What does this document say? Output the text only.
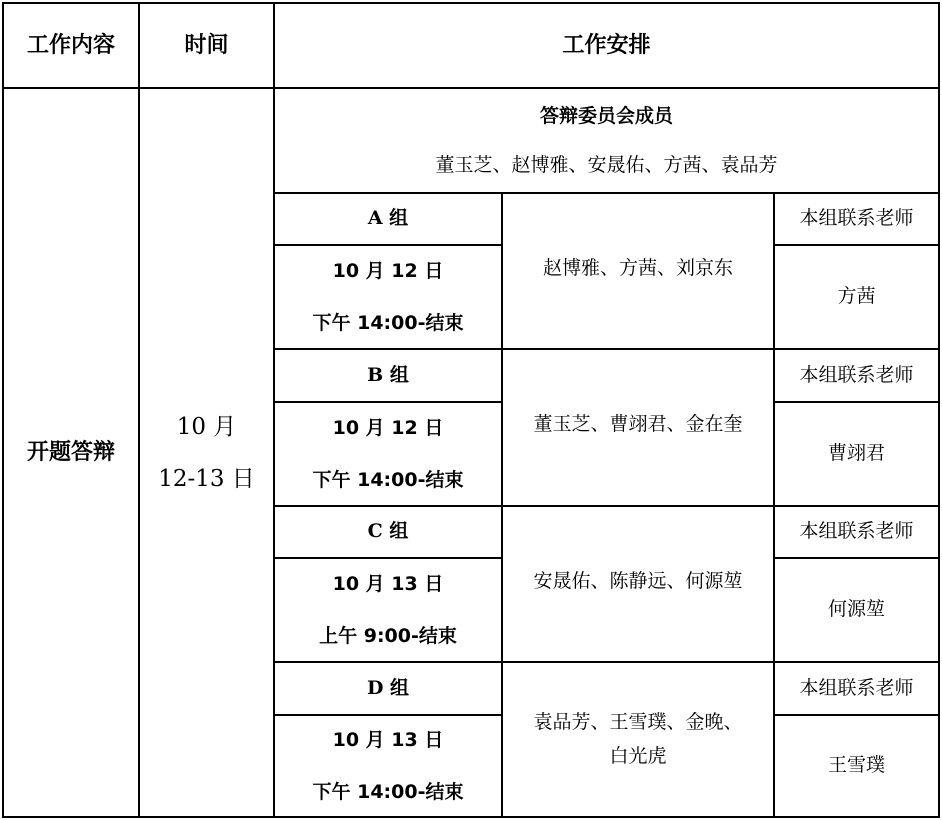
工作内容	时间	工作安排
开题答辩
10 月
12-13 日
答辩委员会成员
董玉芝、赵博雅、安晟佑、方茜、袁品芳
A 组
10 月 12 日
下午 14:00-结束
赵博雅、方茜、刘京东
本组联系老师
方茜
B 组
10 月 12 日
下午 14:00-结束
董玉芝、曹翊君、金在奎
本组联系老师
曹翊君
C 组
10 月 13 日
上午 9:00-结束
安晟佑、陈静远、何源堃
本组联系老师
何源堃
D 组
10 月 13 日
下午 14:00-结束
袁品芳、王雪璞、金晚、
白光虎
本组联系老师
王雪璞
